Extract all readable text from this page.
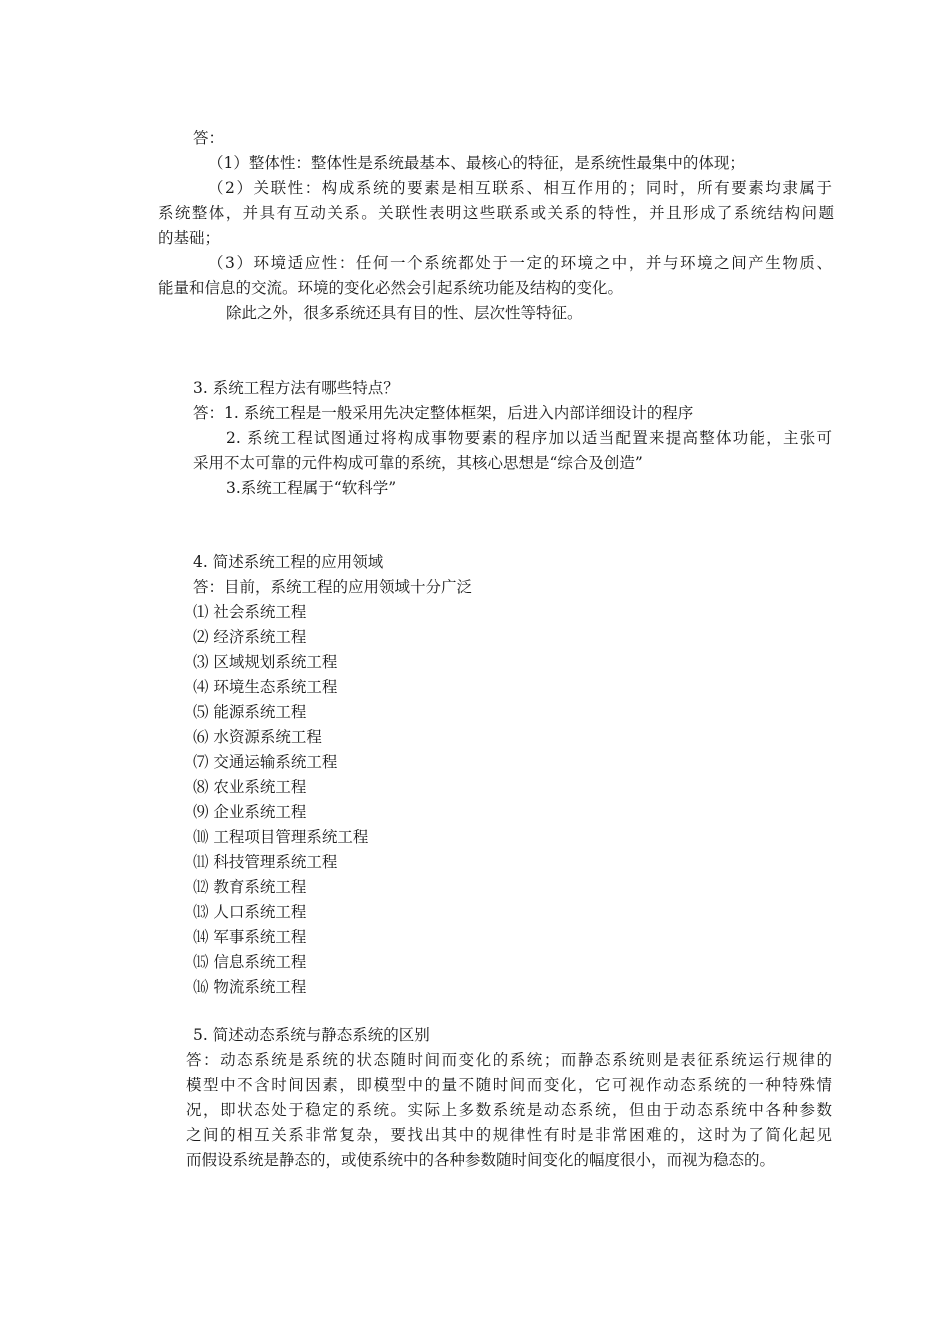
答：
（1）整体性：整体性是系统最基本、最核心的特征，是系统性最集中的体现；
（2）关联性：构成系统的要素是相互联系、相互作用的；同时，所有要素均隶属于
系统整体，并具有互动关系。关联性表明这些联系或关系的特性，并且形成了系统结构问题
的基础；
（3）环境适应性：任何一个系统都处于一定的环境之中，并与环境之间产生物质、
能量和信息的交流。环境的变化必然会引起系统功能及结构的变化。
除此之外，很多系统还具有目的性、层次性等特征。
3. 系统工程方法有哪些特点？
答：1. 系统工程是一般采用先决定整体框架，后进入内部详细设计的程序
2. 系统工程试图通过将构成事物要素的程序加以适当配置来提高整体功能，主张可
采用不太可靠的元件构成可靠的系统，其核心思想是“综合及创造”
3.系统工程属于“软科学”
4. 简述系统工程的应用领域
答：目前，系统工程的应用领域十分广泛
⑴ 社会系统工程
⑵ 经济系统工程
⑶ 区域规划系统工程
⑷ 环境生态系统工程
⑸ 能源系统工程
⑹ 水资源系统工程
⑺ 交通运输系统工程
⑻ 农业系统工程
⑼ 企业系统工程
⑽ 工程项目管理系统工程
⑾ 科技管理系统工程
⑿ 教育系统工程
⒀ 人口系统工程
⒁ 军事系统工程
⒂ 信息系统工程
⒃ 物流系统工程
5. 简述动态系统与静态系统的区别
答：动态系统是系统的状态随时间而变化的系统；而静态系统则是表征系统运行规律的
模型中不含时间因素，即模型中的量不随时间而变化，它可视作动态系统的一种特殊情
况，即状态处于稳定的系统。实际上多数系统是动态系统，但由于动态系统中各种参数
之间的相互关系非常复杂，要找出其中的规律性有时是非常困难的，这时为了简化起见
而假设系统是静态的，或使系统中的各种参数随时间变化的幅度很小，而视为稳态的。
